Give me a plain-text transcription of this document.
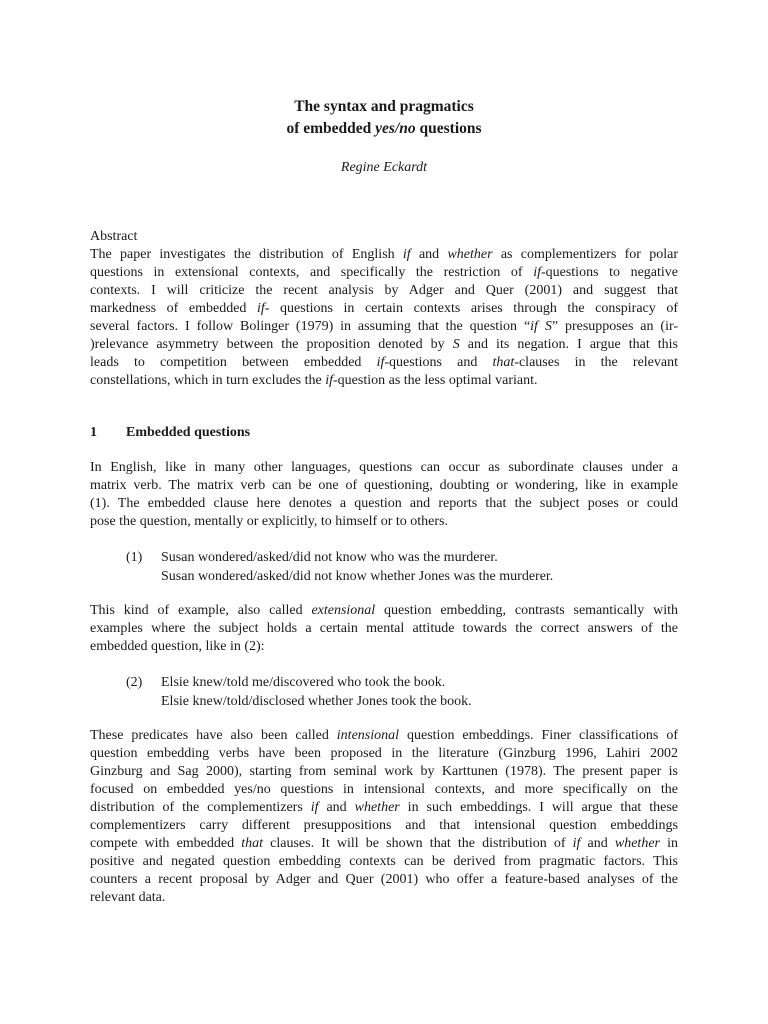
The syntax and pragmatics
of embedded yes/no questions
Regine Eckardt
Abstract
The paper investigates the distribution of English if and whether as complementizers for polar
questions in extensional contexts, and specifically the restriction of if-questions to negative
contexts. I will criticize the recent analysis by Adger and Quer (2001) and suggest that
markedness of embedded if- questions in certain contexts arises through the conspiracy of
several factors. I follow Bolinger (1979) in assuming that the question “if S” presupposes an (ir-
)relevance asymmetry between the proposition denoted by S and its negation. I argue that this
leads to competition between embedded if-questions and that-clauses in the relevant
constellations, which in turn excludes the if-question as the less optimal variant.
1 Embedded questions
In English, like in many other languages, questions can occur as subordinate clauses under a
matrix verb. The matrix verb can be one of questioning, doubting or wondering, like in example
(1). The embedded clause here denotes a question and reports that the subject poses or could
pose the question, mentally or explicitly, to himself or to others.
(1) Susan wondered/asked/did not know who was the murderer.
Susan wondered/asked/did not know whether Jones was the murderer.
This kind of example, also called extensional question embedding, contrasts semantically with
examples where the subject holds a certain mental attitude towards the correct answers of the
embedded question, like in (2):
(2) Elsie knew/told me/discovered who took the book.
Elsie knew/told/disclosed whether Jones took the book.
These predicates have also been called intensional question embeddings. Finer classifications of
question embedding verbs have been proposed in the literature (Ginzburg 1996, Lahiri 2002
Ginzburg and Sag 2000), starting from seminal work by Karttunen (1978). The present paper is
focused on embedded yes/no questions in intensional contexts, and more specifically on the
distribution of the complementizers if and whether in such embeddings. I will argue that these
complementizers carry different presuppositions and that intensional question embeddings
compete with embedded that clauses. It will be shown that the distribution of if and whether in
positive and negated question embedding contexts can be derived from pragmatic factors. This
counters a recent proposal by Adger and Quer (2001) who offer a feature-based analyses of the
relevant data.
